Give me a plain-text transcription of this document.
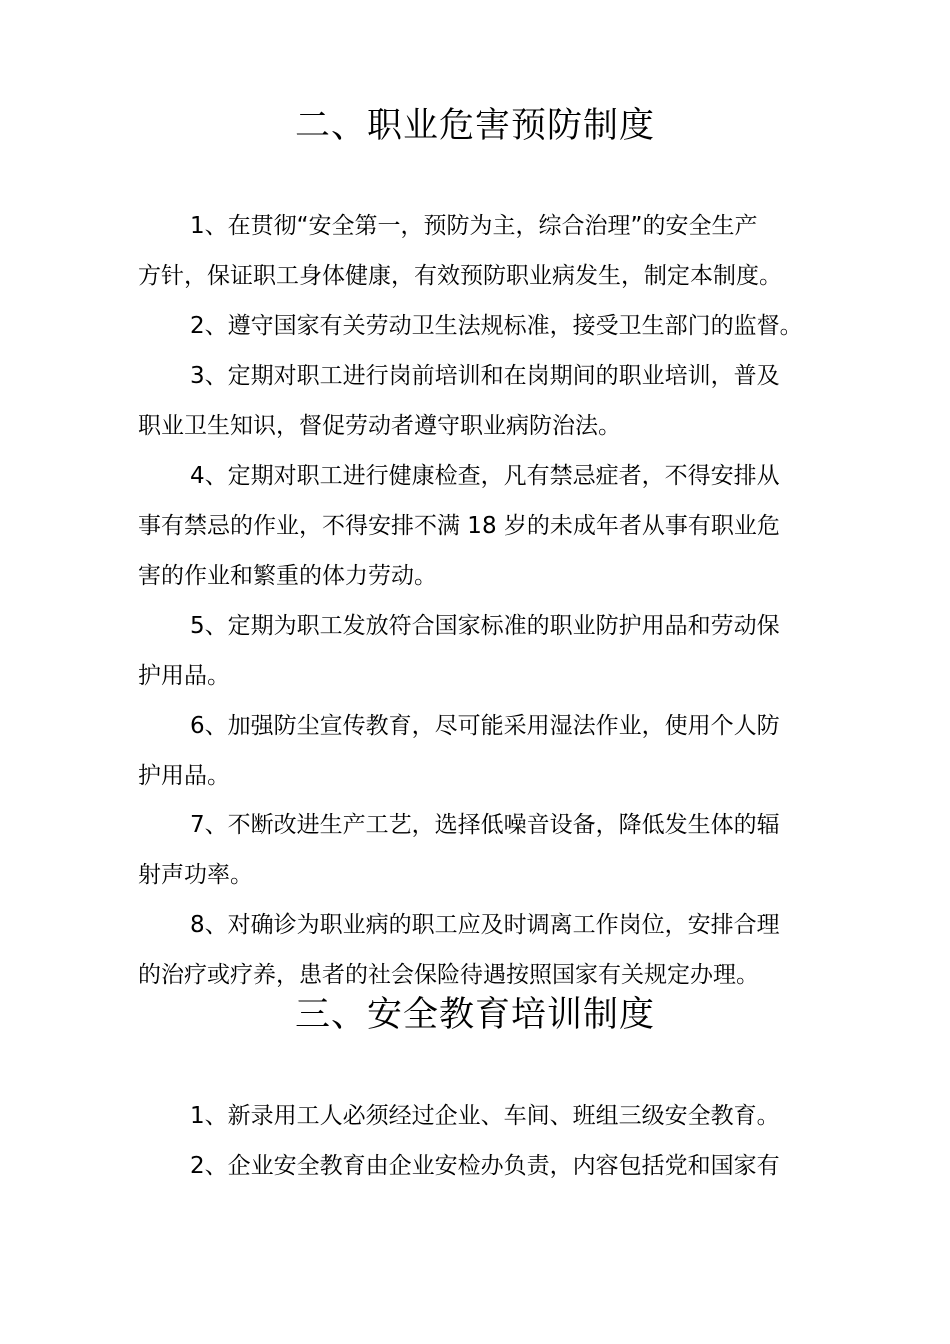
二、职业危害预防制度
1、在贯彻“安全第一，预防为主，综合治理”的安全生产
方针，保证职工身体健康，有效预防职业病发生，制定本制度。
2、遵守国家有关劳动卫生法规标准，接受卫生部门的监督。
3、定期对职工进行岗前培训和在岗期间的职业培训，普及
职业卫生知识，督促劳动者遵守职业病防治法。
4、定期对职工进行健康检查，凡有禁忌症者，不得安排从
事有禁忌的作业，不得安排不满 18 岁的未成年者从事有职业危
害的作业和繁重的体力劳动。
5、定期为职工发放符合国家标准的职业防护用品和劳动保
护用品。
6、加强防尘宣传教育，尽可能采用湿法作业，使用个人防
护用品。
7、不断改进生产工艺，选择低噪音设备，降低发生体的辐
射声功率。
8、对确诊为职业病的职工应及时调离工作岗位，安排合理
的治疗或疗养，患者的社会保险待遇按照国家有关规定办理。
三、安全教育培训制度
1、新录用工人必须经过企业、车间、班组三级安全教育。
2、企业安全教育由企业安检办负责，内容包括党和国家有
